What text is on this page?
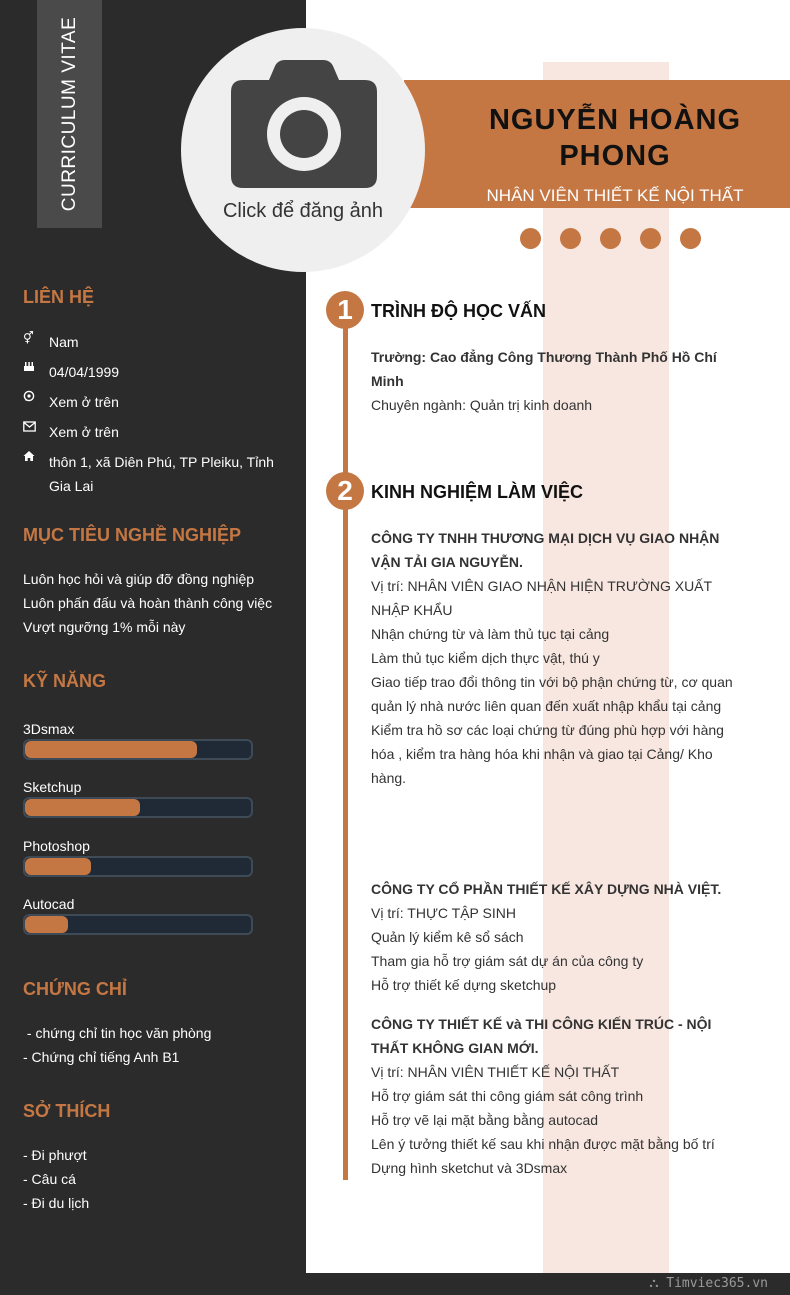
CURRICULUM VITAE
LIÊN HỆ
⚥	Nam
04/04/1999
Xem ở trên
Xem ở trên
thôn 1, xã Diên Phú, TP Pleiku, Tỉnh Gia Lai
MỤC TIÊU NGHỀ NGHIỆP
Luôn học hỏi và giúp đỡ đồng nghiệp
Luôn phấn đấu và hoàn thành công việc
Vượt ngưỡng 1% mỗi này
KỸ NĂNG
3Dsmax
Sketchup
Photoshop
Autocad
CHỨNG CHỈ
- chứng chỉ tin học văn phòng
- Chứng chỉ tiếng Anh B1
SỞ THÍCH
- Đi phượt
- Câu cá
- Đi du lịch
NGUYỄN HOÀNG
PHONG
NHÂN VIÊN THIẾT KẾ NỘI THẤT
Click để đăng ảnh
1	TRÌNH ĐỘ HỌC VẤN
Trường: Cao đẳng Công Thương Thành Phố Hồ Chí Minh
Chuyên ngành: Quản trị kinh doanh
2	KINH NGHIỆM LÀM VIỆC
CÔNG TY TNHH THƯƠNG MẠI DỊCH VỤ GIAO NHẬN VẬN TẢI GIA NGUYỄN.
Vị trí: NHÂN VIÊN GIAO NHẬN HIỆN TRƯỜNG XUẤT NHẬP KHẨU
Nhận chứng từ và làm thủ tục tại cảng
Làm thủ tục kiểm dịch thực vật, thú y
Giao tiếp trao đổi thông tin với bộ phận chứng từ, cơ quan quản lý nhà nước liên quan đến xuất nhập khẩu tại cảng
Kiểm tra hồ sơ các loại chứng từ đúng phù hợp với hàng hóa , kiểm tra hàng hóa khi nhận và giao tại Cảng/ Kho hàng.
CÔNG TY CỔ PHẦN THIẾT KẾ XÂY DỰNG NHÀ VIỆT.
Vị trí: THỰC TẬP SINH
Quản lý kiểm kê sổ sách
Tham gia hỗ trợ giám sát dự án của công ty
Hỗ trợ thiết kế dựng sketchup
CÔNG TY THIẾT KẾ và THI CÔNG KIẾN TRÚC - NỘI THẤT KHÔNG GIAN MỚI.
Vị trí: NHÂN VIÊN THIẾT KẾ NỘI THẤT
Hỗ trợ giám sát thi công giám sát công trình
Hỗ trợ vẽ lại mặt bằng bằng autocad
Lên ý tưởng thiết kế sau khi nhận được mặt bằng bố trí
Dựng hình sketchut và 3Dsmax
⛬ Timviec365.vn
